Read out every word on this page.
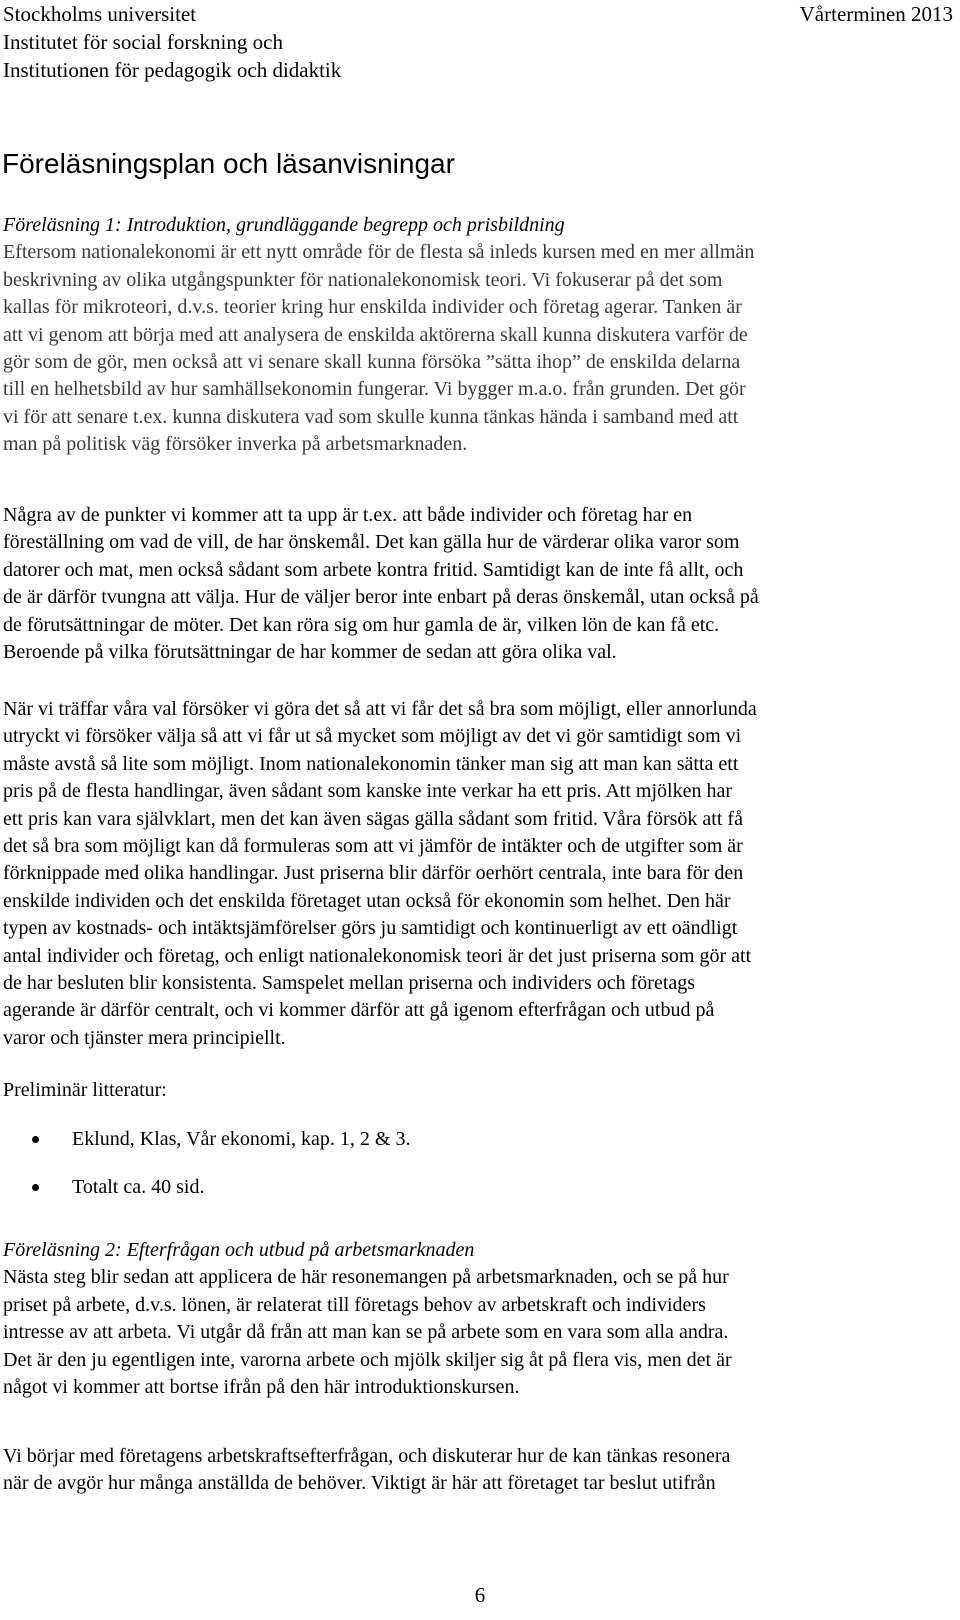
Stockholms universitet	Vårterminen 2013
Institutet för social forskning och
Institutionen för pedagogik och didaktik
Föreläsningsplan och läsanvisningar
Föreläsning 1: Introduktion, grundläggande begrepp och prisbildning
Eftersom nationalekonomi är ett nytt område för de flesta så inleds kursen med en mer allmän
beskrivning av olika utgångspunkter för nationalekonomisk teori. Vi fokuserar på det som
kallas för mikroteori, d.v.s. teorier kring hur enskilda individer och företag agerar. Tanken är
att vi genom att börja med att analysera de enskilda aktörerna skall kunna diskutera varför de
gör som de gör, men också att vi senare skall kunna försöka ”sätta ihop” de enskilda delarna
till en helhetsbild av hur samhällsekonomin fungerar. Vi bygger m.a.o. från grunden. Det gör
vi för att senare t.ex. kunna diskutera vad som skulle kunna tänkas hända i samband med att
man på politisk väg försöker inverka på arbetsmarknaden.
Några av de punkter vi kommer att ta upp är t.ex. att både individer och företag har en
föreställning om vad de vill, de har önskemål. Det kan gälla hur de värderar olika varor som
datorer och mat, men också sådant som arbete kontra fritid. Samtidigt kan de inte få allt, och
de är därför tvungna att välja. Hur de väljer beror inte enbart på deras önskemål, utan också på
de förutsättningar de möter. Det kan röra sig om hur gamla de är, vilken lön de kan få etc.
Beroende på vilka förutsättningar de har kommer de sedan att göra olika val.
När vi träffar våra val försöker vi göra det så att vi får det så bra som möjligt, eller annorlunda
utryckt vi försöker välja så att vi får ut så mycket som möjligt av det vi gör samtidigt som vi
måste avstå så lite som möjligt. Inom nationalekonomin tänker man sig att man kan sätta ett
pris på de flesta handlingar, även sådant som kanske inte verkar ha ett pris. Att mjölken har
ett pris kan vara självklart, men det kan även sägas gälla sådant som fritid. Våra försök att få
det så bra som möjligt kan då formuleras som att vi jämför de intäkter och de utgifter som är
förknippade med olika handlingar. Just priserna blir därför oerhört centrala, inte bara för den
enskilde individen och det enskilda företaget utan också för ekonomin som helhet. Den här
typen av kostnads- och intäktsjämförelser görs ju samtidigt och kontinuerligt av ett oändligt
antal individer och företag, och enligt nationalekonomisk teori är det just priserna som gör att
de har besluten blir konsistenta. Samspelet mellan priserna och individers och företags
agerande är därför centralt, och vi kommer därför att gå igenom efterfrågan och utbud på
varor och tjänster mera principiellt.
Preliminär litteratur:
Eklund, Klas, Vår ekonomi, kap. 1, 2 & 3.
Totalt ca. 40 sid.
Föreläsning 2: Efterfrågan och utbud på arbetsmarknaden
Nästa steg blir sedan att applicera de här resonemangen på arbetsmarknaden, och se på hur
priset på arbete, d.v.s. lönen, är relaterat till företags behov av arbetskraft och individers
intresse av att arbeta. Vi utgår då från att man kan se på arbete som en vara som alla andra.
Det är den ju egentligen inte, varorna arbete och mjölk skiljer sig åt på flera vis, men det är
något vi kommer att bortse ifrån på den här introduktionskursen.
Vi börjar med företagens arbetskraftsefterfrågan, och diskuterar hur de kan tänkas resonera
när de avgör hur många anställda de behöver. Viktigt är här att företaget tar beslut utifrån
6
